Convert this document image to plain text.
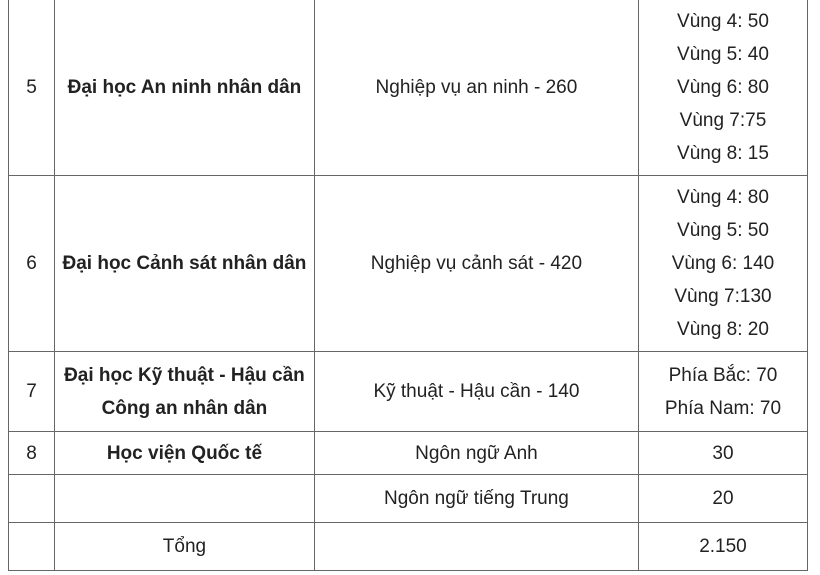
5	Đại học An ninh nhân dân	Nghiệp vụ an ninh - 260	Vùng 4: 50
Vùng 5: 40
Vùng 6: 80
Vùng 7:75
Vùng 8: 15

6	Đại học Cảnh sát nhân dân	Nghiệp vụ cảnh sát - 420	Vùng 4: 80
Vùng 5: 50
Vùng 6: 140
Vùng 7:130
Vùng 8: 20

7	Đại học Kỹ thuật - Hậu cần Công an nhân dân	Kỹ thuật - Hậu cần - 140	Phía Bắc: 70
Phía Nam: 70

8	Học viện Quốc tế	Ngôn ngữ Anh	30
		Ngôn ngữ tiếng Trung	20
	Tổng		2.150
